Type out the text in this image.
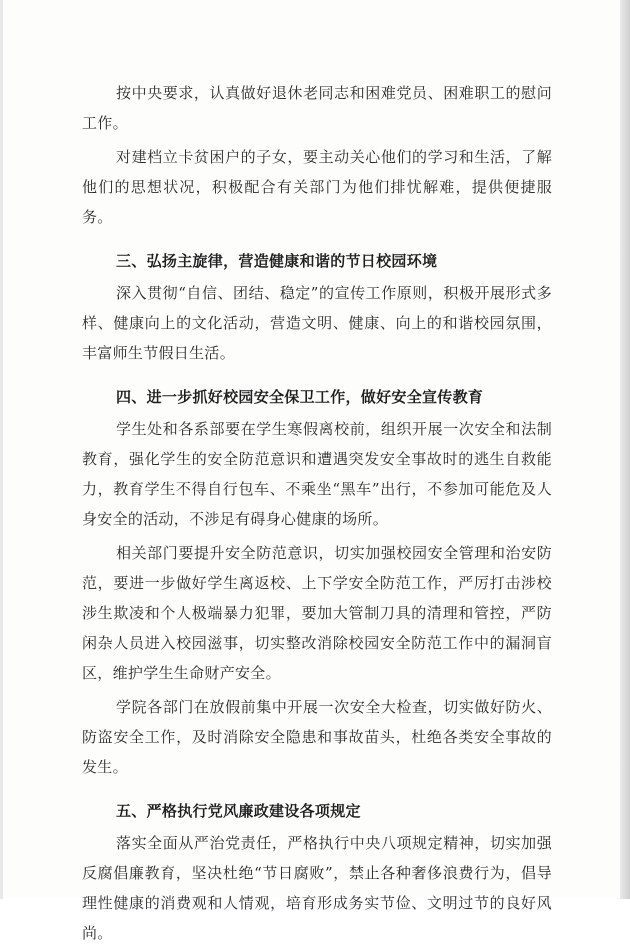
按中央要求，认真做好退休老同志和困难党员、困难职工的慰问工作。

对建档立卡贫困户的子女，要主动关心他们的学习和生活，了解他们的思想状况，积极配合有关部门为他们排忧解难，提供便捷服务。

三、弘扬主旋律，营造健康和谐的节日校园环境

深入贯彻“自信、团结、稳定”的宣传工作原则，积极开展形式多样、健康向上的文化活动，营造文明、健康、向上的和谐校园氛围，丰富师生节假日生活。

四、进一步抓好校园安全保卫工作，做好安全宣传教育

学生处和各系部要在学生寒假离校前，组织开展一次安全和法制教育，强化学生的安全防范意识和遭遇突发安全事故时的逃生自救能力，教育学生不得自行包车、不乘坐“黑车”出行，不参加可能危及人身安全的活动，不涉足有碍身心健康的场所。

相关部门要提升安全防范意识，切实加强校园安全管理和治安防范，要进一步做好学生离返校、上下学安全防范工作，严厉打击涉校涉生欺凌和个人极端暴力犯罪，要加大管制刀具的清理和管控，严防闲杂人员进入校园滋事，切实整改消除校园安全防范工作中的漏洞盲区，维护学生生命财产安全。

学院各部门在放假前集中开展一次安全大检查，切实做好防火、防盗安全工作，及时消除安全隐患和事故苗头，杜绝各类安全事故的发生。

五、严格执行党风廉政建设各项规定

落实全面从严治党责任，严格执行中央八项规定精神，切实加强反腐倡廉教育，坚决杜绝“节日腐败”，禁止各种奢侈浪费行为，倡导理性健康的消费观和人情观，培育形成务实节俭、文明过节的良好风尚。
